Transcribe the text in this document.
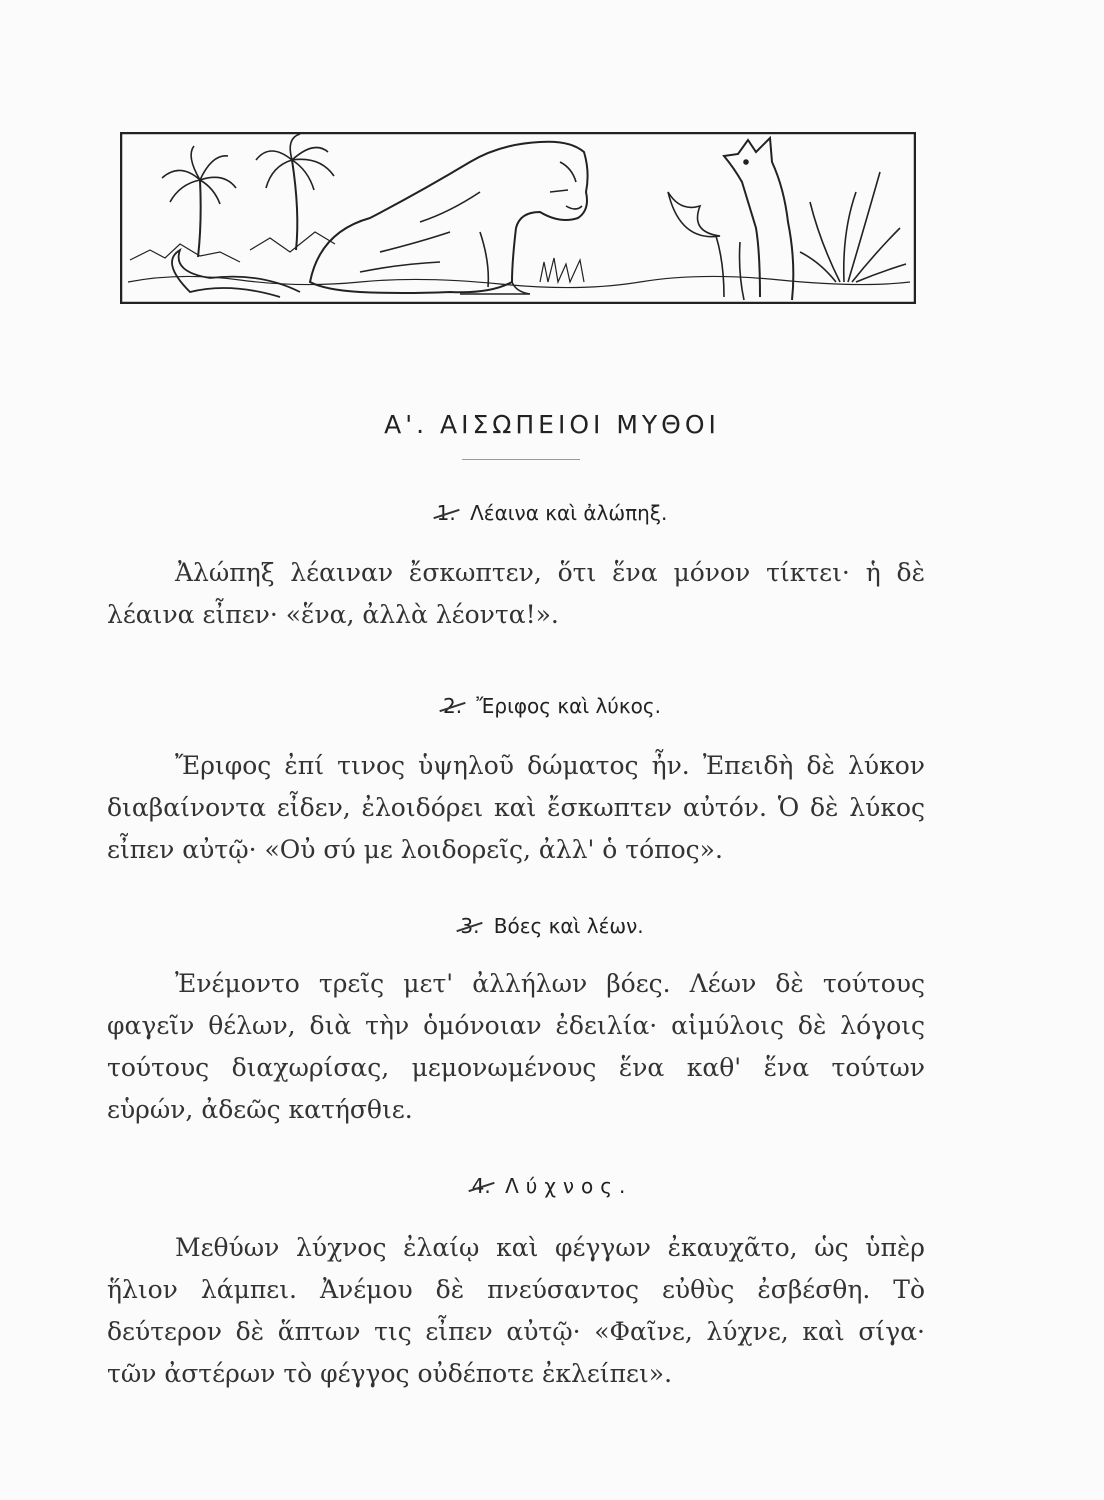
Α'. ΑΙΣΩΠΕΙΟΙ ΜΥΘΟΙ
1. Λέαινα καὶ ἀλώπηξ.

Ἀλώπηξ λέαιναν ἔσκωπτεν, ὅτι ἕνα μόνον τίκτει· ἡ δὲ λέαινα εἶπεν· «ἕνα, ἀλλὰ λέοντα!».

2. Ἔριφος καὶ λύκος.

Ἔριφος ἐπί τινος ὑψηλοῦ δώματος ἦν. Ἐπειδὴ δὲ λύκον διαβαίνοντα εἶδεν, ἐλοιδόρει καὶ ἔσκωπτεν αὐτόν. Ὁ δὲ λύκος εἶπεν αὐτῷ· «Οὐ σύ με λοιδορεῖς, ἀλλ' ὁ τόπος».

3. Βόες καὶ λέων.

Ἐνέμοντο τρεῖς μετ' ἀλλήλων βόες. Λέων δὲ τούτους φαγεῖν θέλων, διὰ τὴν ὁμόνοιαν ἐδειλία· αἱμύλοις δὲ λόγοις τούτους διαχωρίσας, μεμονωμένους ἕνα καθ' ἕνα τούτων εὑρών, ἀδεῶς κατήσθιε.

4. Λύχνος.

Μεθύων λύχνος ἐλαίῳ καὶ φέγγων ἐκαυχᾶτο, ὡς ὑπὲρ ἥλιον λάμπει. Ἀνέμου δὲ πνεύσαντος εὐθὺς ἐσβέσθη. Τὸ δεύτερον δὲ ἅπτων τις εἶπεν αὐτῷ· «Φαῖνε, λύχνε, καὶ σίγα· τῶν ἀστέρων τὸ φέγγος οὐδέποτε ἐκλείπει».
